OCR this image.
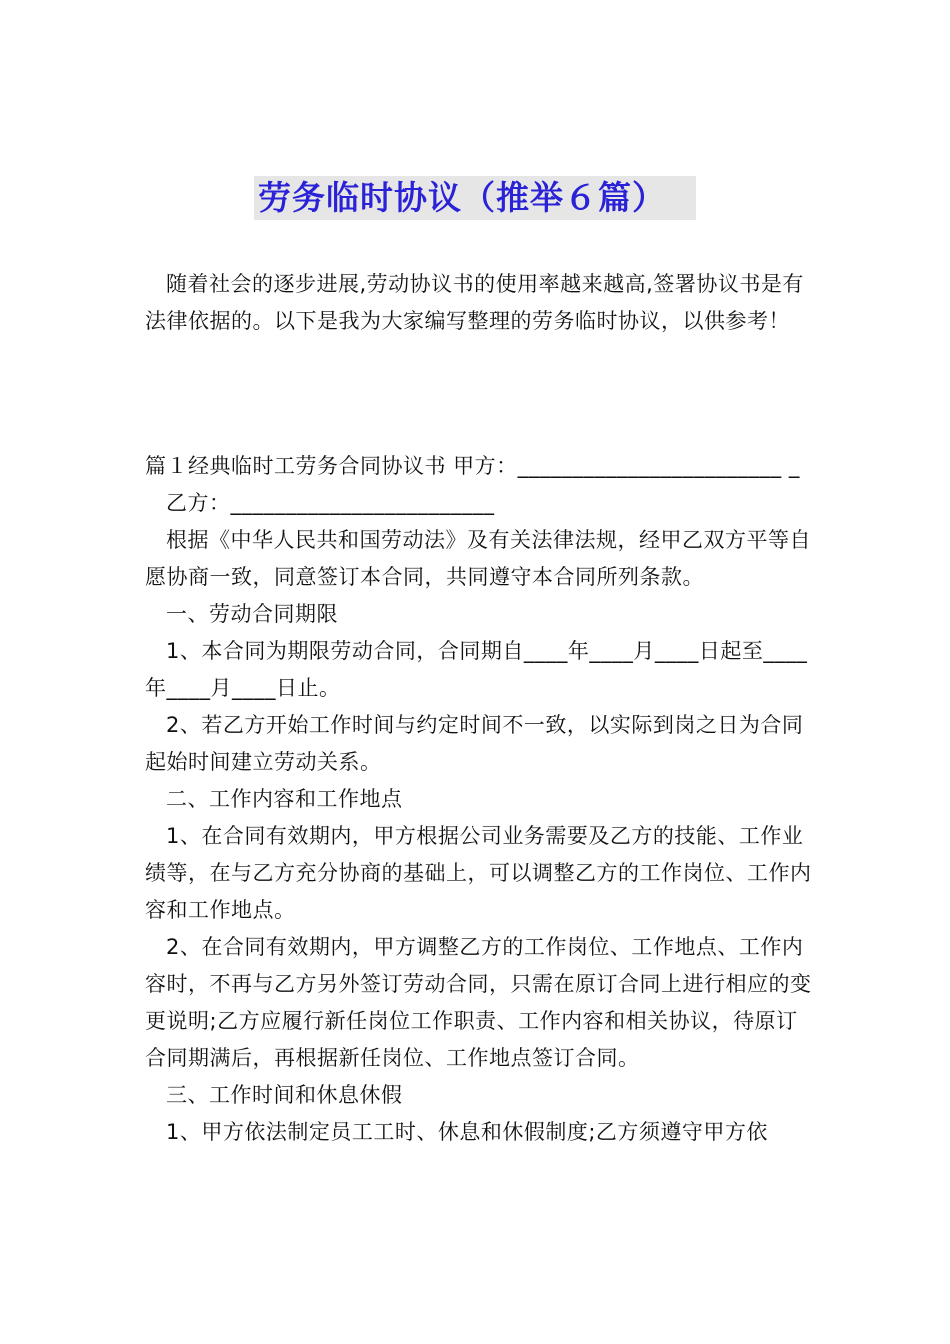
劳务临时协议（推举６篇）

随着社会的逐步进展,劳动协议书的使用率越来越高,签署协议书是有法律依据的。以下是我为大家编写整理的劳务临时协议，以供参考！

篇１经典临时工劳务合同协议书 甲方：________________________ _

乙方：________________________

根据《中华人民共和国劳动法》及有关法律法规，经甲乙双方平等自愿协商一致，同意签订本合同，共同遵守本合同所列条款。

一、劳动合同期限

1、本合同为期限劳动合同，合同期自____年____月____日起至____年____月____日止。

2、若乙方开始工作时间与约定时间不一致，以实际到岗之日为合同起始时间建立劳动关系。

二、工作内容和工作地点

1、在合同有效期内，甲方根据公司业务需要及乙方的技能、工作业绩等，在与乙方充分协商的基础上，可以调整乙方的工作岗位、工作内容和工作地点。

2、在合同有效期内，甲方调整乙方的工作岗位、工作地点、工作内容时，不再与乙方另外签订劳动合同，只需在原订合同上进行相应的变更说明;乙方应履行新任岗位工作职责、工作内容和相关协议，待原订合同期满后，再根据新任岗位、工作地点签订合同。

三、工作时间和休息休假

1、甲方依法制定员工工时、休息和休假制度;乙方须遵守甲方依
